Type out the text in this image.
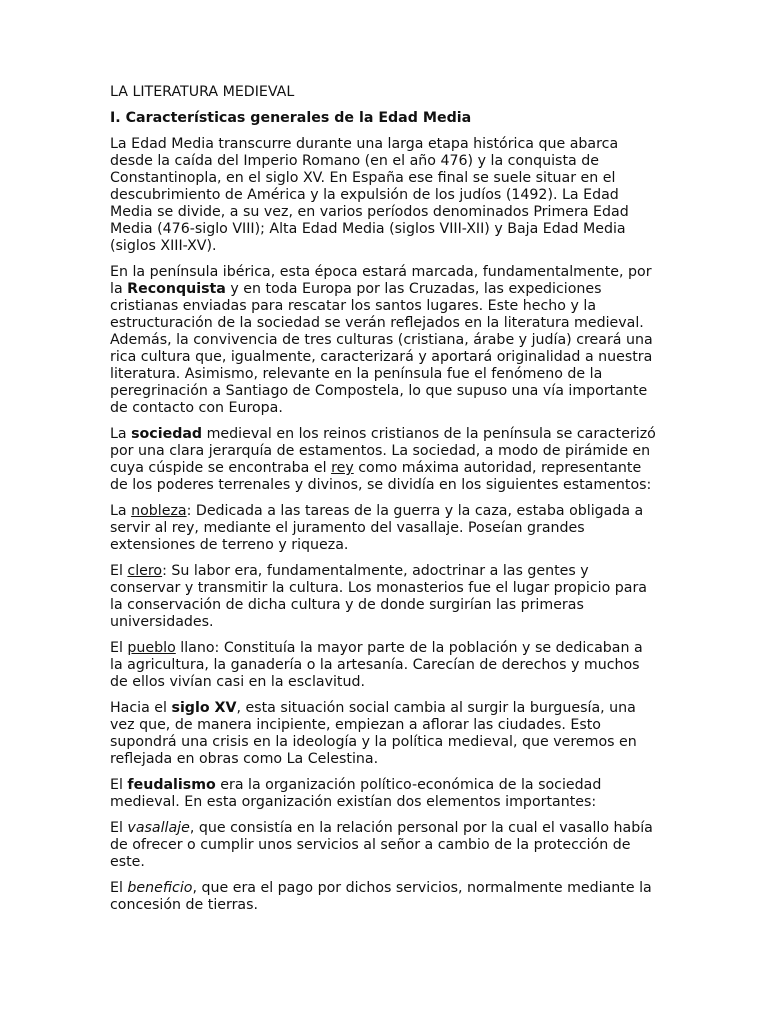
LA LITERATURA MEDIEVAL

I. Características generales de la Edad Media

La Edad Media transcurre durante una larga etapa histórica que abarca desde la caída del Imperio Romano (en el año 476) y la conquista de Constantinopla, en el siglo XV. En España ese final se suele situar en el descubrimiento de América y la expulsión de los judíos (1492). La Edad Media se divide, a su vez, en varios períodos denominados Primera Edad Media (476-siglo VIII); Alta Edad Media (siglos VIII-XII) y Baja Edad Media (siglos XIII-XV).

En la península ibérica, esta época estará marcada, fundamentalmente, por la Reconquista y en toda Europa por las Cruzadas, las expediciones cristianas enviadas para rescatar los santos lugares. Este hecho y la estructuración de la sociedad se verán reflejados en la literatura medieval. Además, la convivencia de tres culturas (cristiana, árabe y judía) creará una rica cultura que, igualmente, caracterizará y aportará originalidad a nuestra literatura. Asimismo, relevante en la península fue el fenómeno de la peregrinación a Santiago de Compostela, lo que supuso una vía importante de contacto con Europa.

La sociedad medieval en los reinos cristianos de la península se caracterizó por una clara jerarquía de estamentos. La sociedad, a modo de pirámide en cuya cúspide se encontraba el rey como máxima autoridad, representante de los poderes terrenales y divinos, se dividía en los siguientes estamentos:

La nobleza: Dedicada a las tareas de la guerra y la caza, estaba obligada a servir al rey, mediante el juramento del vasallaje. Poseían grandes extensiones de terreno y riqueza.

El clero: Su labor era, fundamentalmente, adoctrinar a las gentes y conservar y transmitir la cultura. Los monasterios fue el lugar propicio para la conservación de dicha cultura y de donde surgirían las primeras universidades.

El pueblo llano: Constituía la mayor parte de la población y se dedicaban a la agricultura, la ganadería o la artesanía. Carecían de derechos y muchos de ellos vivían casi en la esclavitud.

Hacia el siglo XV, esta situación social cambia al surgir la burguesía, una vez que, de manera incipiente, empiezan a aflorar las ciudades. Esto supondrá una crisis en la ideología y la política medieval, que veremos en reflejada en obras como La Celestina.

El feudalismo era la organización político-económica de la sociedad medieval. En esta organización existían dos elementos importantes:

El vasallaje, que consistía en la relación personal por la cual el vasallo había de ofrecer o cumplir unos servicios al señor a cambio de la protección de este.

El beneficio, que era el pago por dichos servicios, normalmente mediante la concesión de tierras.
